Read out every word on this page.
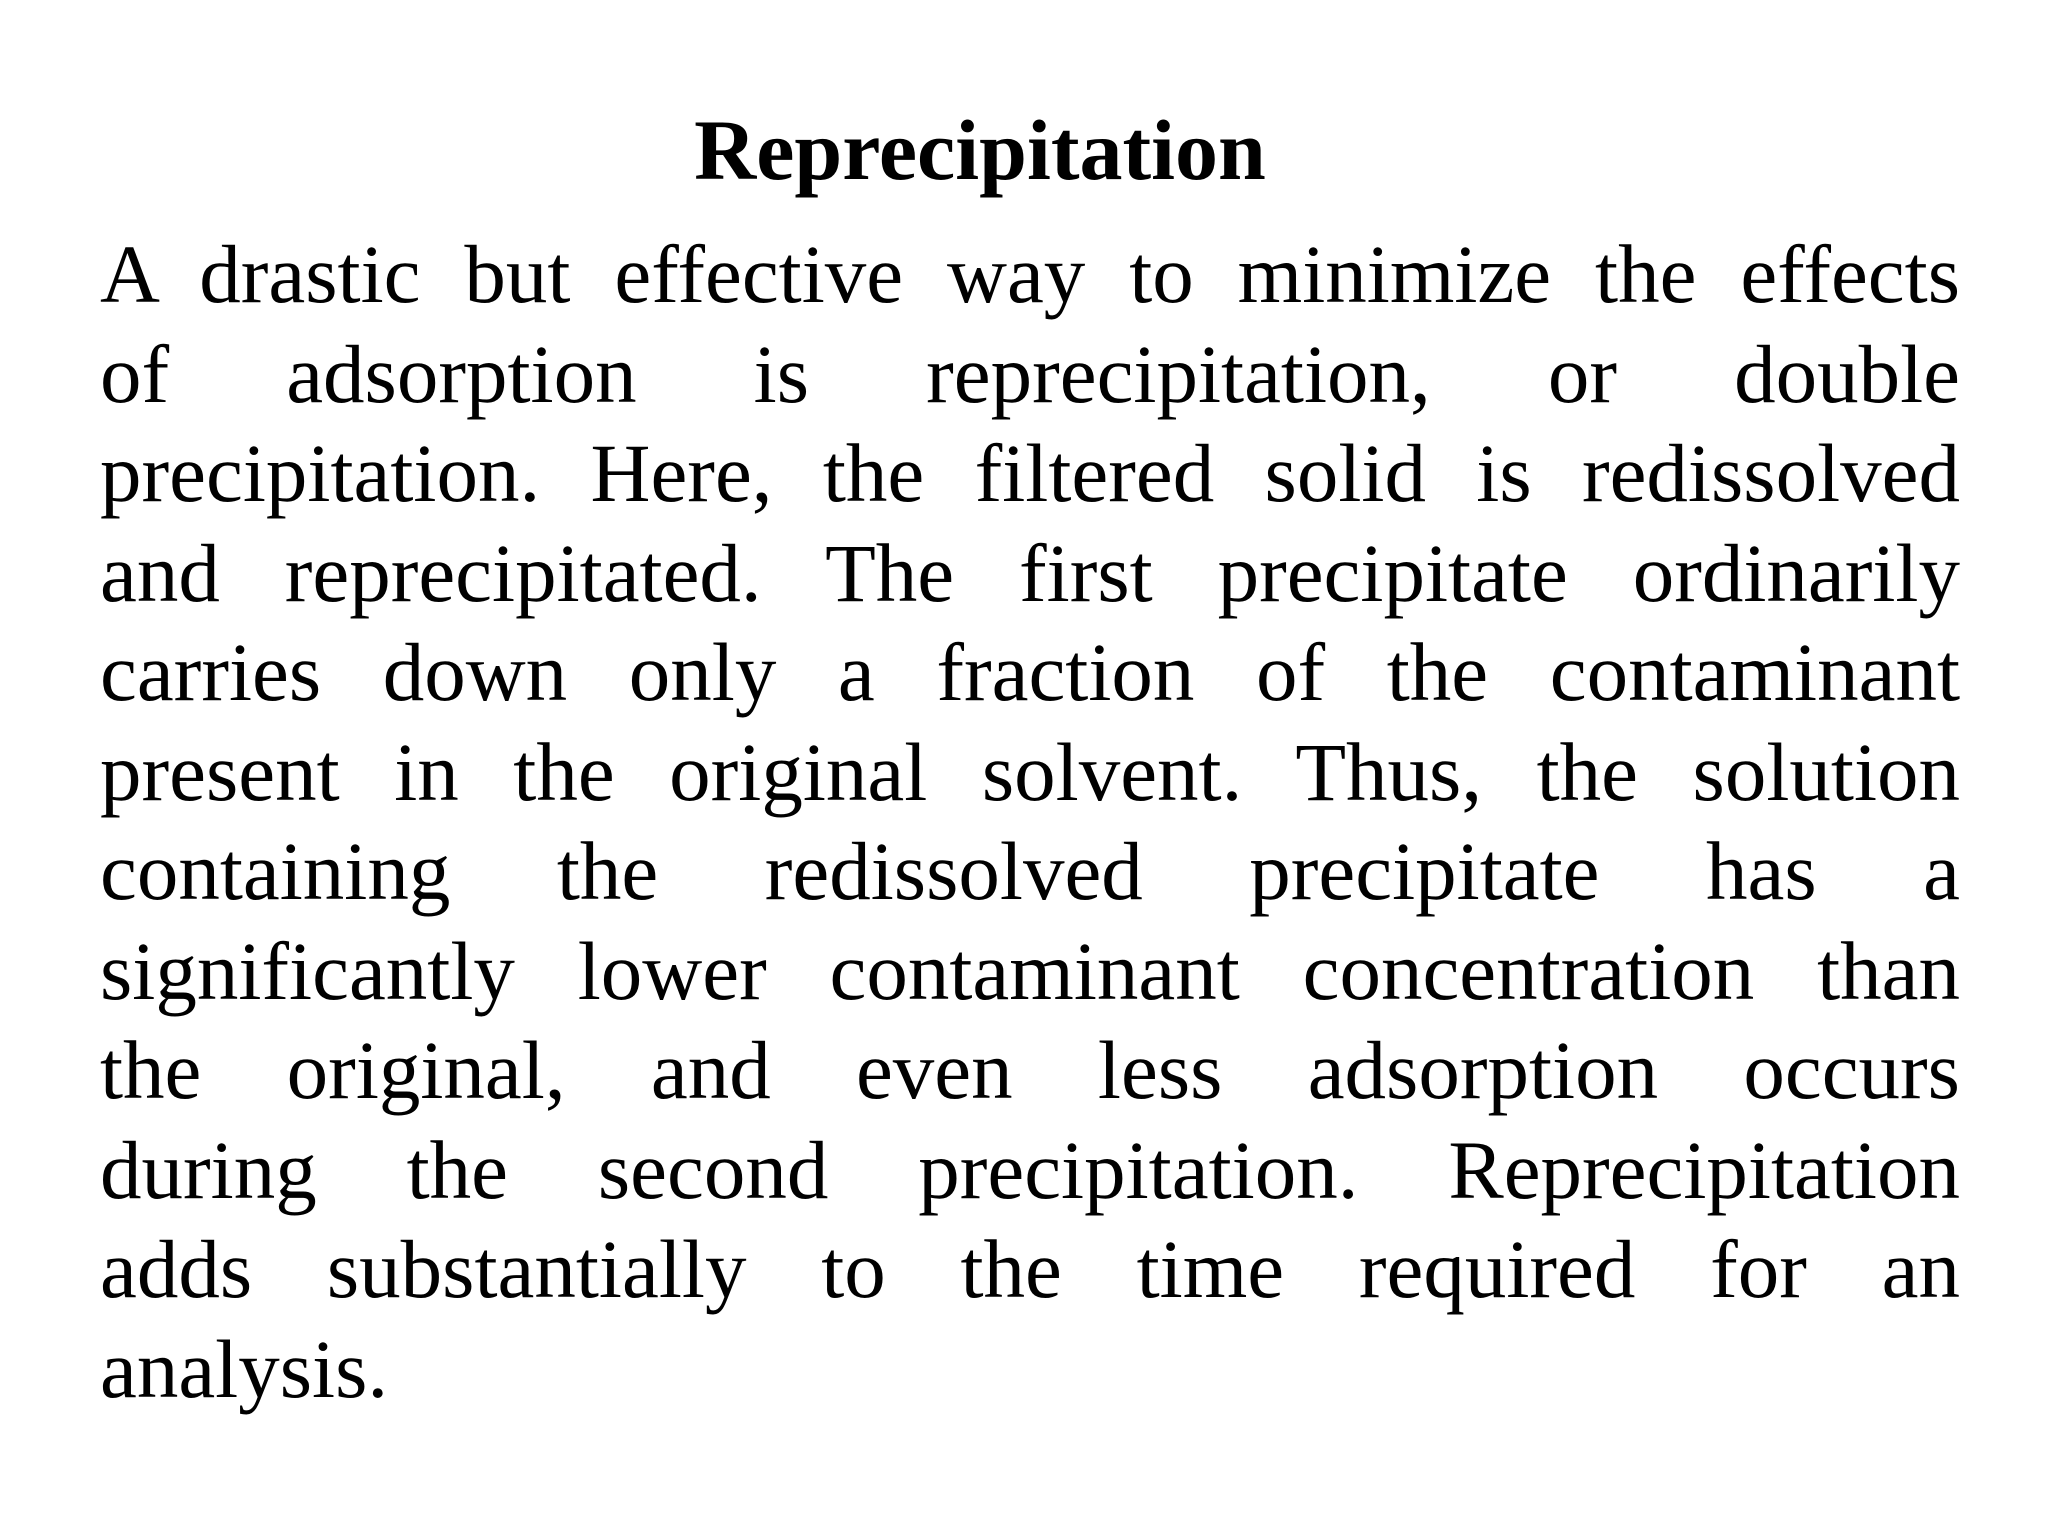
Reprecipitation
A drastic but effective way to minimize the effects
of adsorption is reprecipitation, or double
precipitation. Here, the filtered solid is redissolved
and reprecipitated. The first precipitate ordinarily
carries down only a fraction of the contaminant
present in the original solvent. Thus, the solution
containing the redissolved precipitate has a
significantly lower contaminant concentration than
the original, and even less adsorption occurs
during the second precipitation. Reprecipitation
adds substantially to the time required for an
analysis.
